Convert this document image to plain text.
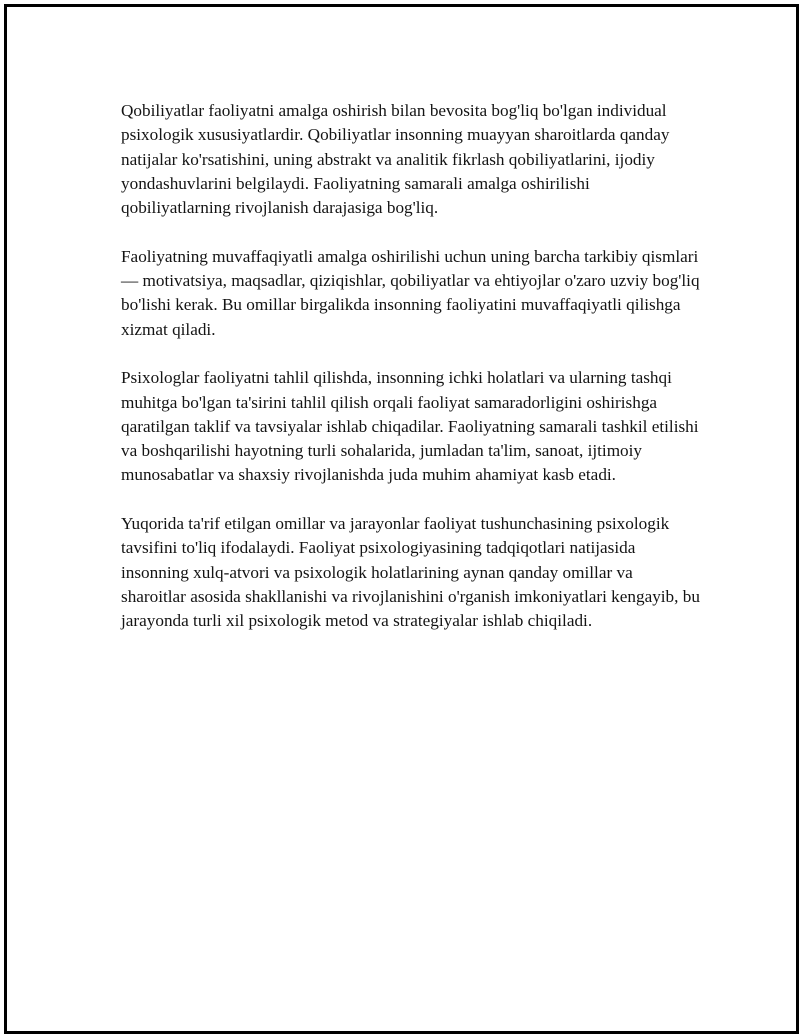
Qobiliyatlar faoliyatni amalga oshirish bilan bevosita bog'liq bo'lgan individual psixologik xususiyatlardir. Qobiliyatlar insonning muayyan sharoitlarda qanday natijalar ko'rsatishini, uning abstrakt va analitik fikrlash qobiliyatlarini, ijodiy yondashuvlarini belgilaydi. Faoliyatning samarali amalga oshirilishi qobiliyatlarning rivojlanish darajasiga bog'liq.

Faoliyatning muvaffaqiyatli amalga oshirilishi uchun uning barcha tarkibiy qismlari — motivatsiya, maqsadlar, qiziqishlar, qobiliyatlar va ehtiyojlar o'zaro uzviy bog'liq bo'lishi kerak. Bu omillar birgalikda insonning faoliyatini muvaffaqiyatli qilishga xizmat qiladi.

Psixologlar faoliyatni tahlil qilishda, insonning ichki holatlari va ularning tashqi muhitga bo'lgan ta'sirini tahlil qilish orqali faoliyat samaradorligini oshirishga qaratilgan taklif va tavsiyalar ishlab chiqadilar. Faoliyatning samarali tashkil etilishi va boshqarilishi hayotning turli sohalarida, jumladan ta'lim, sanoat, ijtimoiy munosabatlar va shaxsiy rivojlanishda juda muhim ahamiyat kasb etadi.

Yuqorida ta'rif etilgan omillar va jarayonlar faoliyat tushunchasining psixologik tavsifini to'liq ifodalaydi. Faoliyat psixologiyasining tadqiqotlari natijasida insonning xulq-atvori va psixologik holatlarining aynan qanday omillar va sharoitlar asosida shakllanishi va rivojlanishini o'rganish imkoniyatlari kengayib, bu jarayonda turli xil psixologik metod va strategiyalar ishlab chiqiladi.
